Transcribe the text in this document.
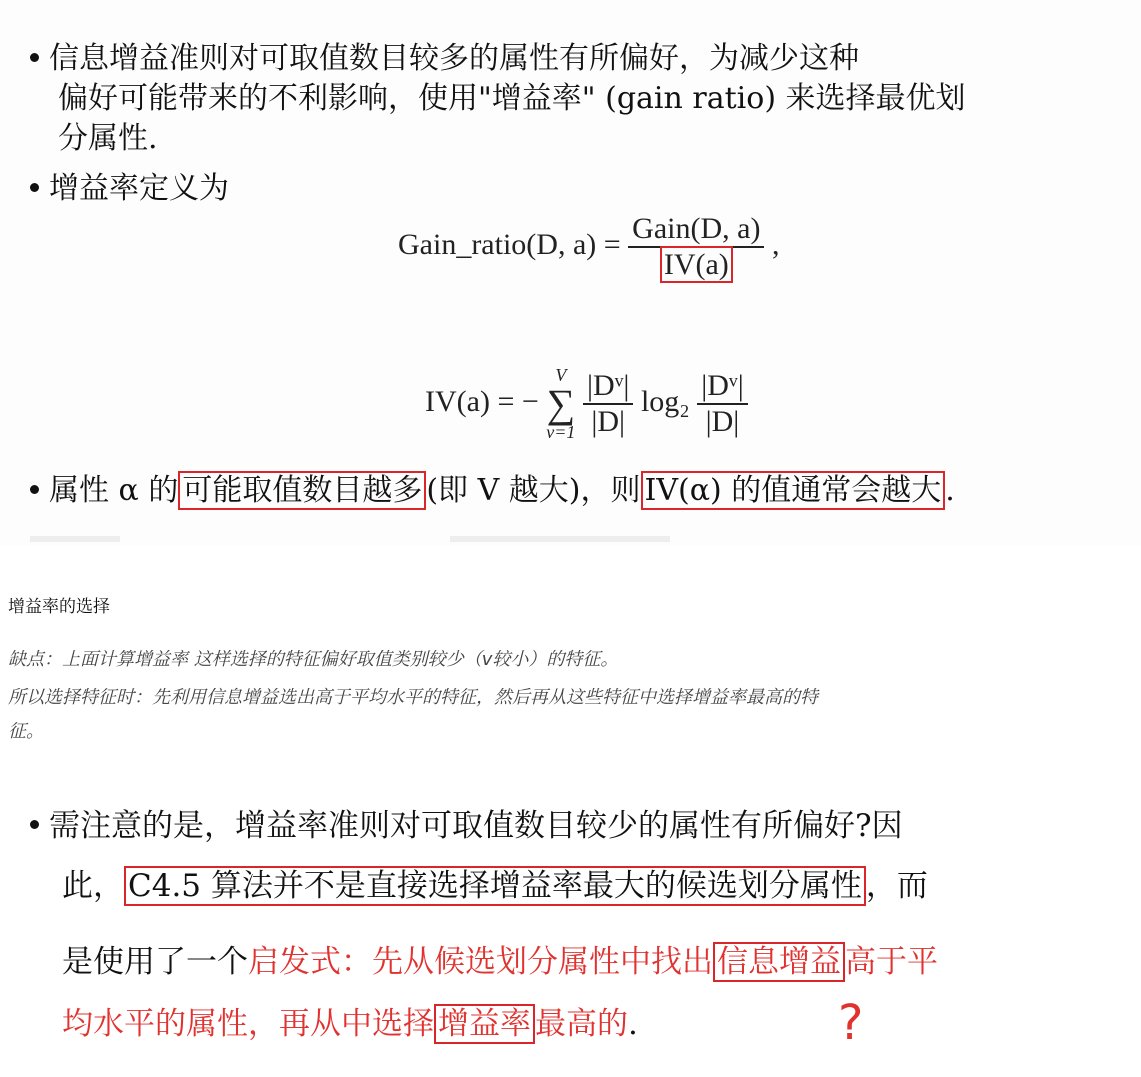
信息增益准则对可取值数目较多的属性有所偏好，为减少这种
偏好可能带来的不利影响，使用"增益率" (gain ratio) 来选择最优划
分属性.
增益率定义为
Gain_ratio(D, $a) = \frac{\text{Gain(D, a)}}{IV(a)}$ ,
IV(a) = −
V
∑
v=1
$\frac{\text{|Dᵛ|}}{|D|} \log_2 \frac{\text{|Dᵛ|}}{|D|}$
属性 α 的 可能取值数目越多 (即 V 越大)，则 IV(α) 的值通常会越大 .
增益率的选择
缺点：上面计算增益率 这样选择的特征偏好取值类别较少（v较小）的特征。
所以选择特征时：先利用信息增益选出高于平均水平的特征，然后再从这些特征中选择增益率最高的特
征。
需注意的是，增益率准则对可取值数目较少的属性有所偏好?因
此， C4.5 算法并不是直接选择增益率最大的候选划分属性 ，而
是使用了一个启发式：先从候选划分属性中找出 信息增益 高于平
均水平的属性，再从中选择 增益率 最高的.	?
